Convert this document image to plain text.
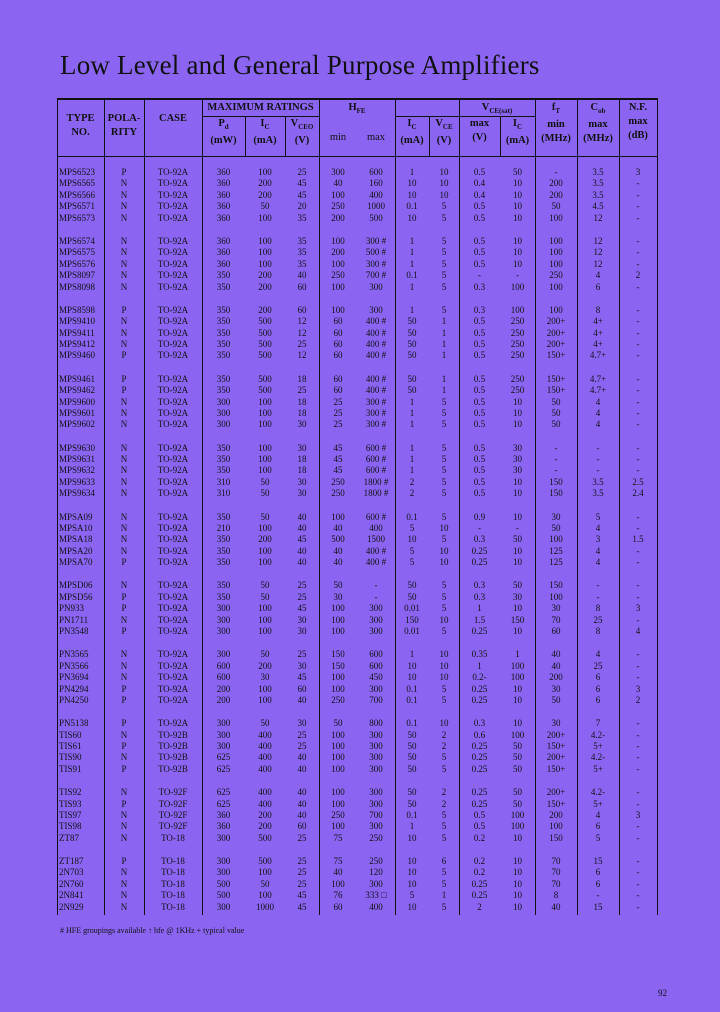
Low Level and General Purpose Amplifiers
TYPE
NO.
POLA-
RITY
CASE
MAXIMUM RATINGS
$P_d$
(mW)
$I_C$
(mA)
$V_{CEO}$
(V)
$H_{FE}$
min	max
$I_C$
(mA)
$V_{CE}$
(V)
$V_{CE(sat)}$
max
(V)
$I_C$
(mA)
$f_T$
min
(MHz)
$C_{ob}$
max
(MHz)
N.F.
max
(dB)
MPS6523	P	TO-92A	360	100	25	300	600	1	10	0.5	50	-	3.5	3
MPS6565	N	TO-92A	360	200	45	40	160	10	10	0.4	10	200	3.5	-
MPS6566	N	TO-92A	360	200	45	100	400	10	10	0.4	10	200	3.5	-
MPS6571	N	TO-92A	360	50	20	250	1000	0.1	5	0.5	10	50	4.5	-
MPS6573	N	TO-92A	360	100	35	200	500	10	5	0.5	10	100	12	-
MPS6574	N	TO-92A	360	100	35	100	300 #	1	5	0.5	10	100	12	-
MPS6575	N	TO-92A	360	100	35	200	500 #	1	5	0.5	10	100	12	-
MPS6576	N	TO-92A	360	100	35	100	300 #	1	5	0.5	10	100	12	-
MPS8097	N	TO-92A	350	200	40	250	700 #	0.1	5	-	-	250	4	2
MPS8098	N	TO-92A	350	200	60	100	300	1	5	0.3	100	100	6	-
MPS8598	P	TO-92A	350	200	60	100	300	1	5	0.3	100	100	8	-
MPS9410	N	TO-92A	350	500	12	60	400 #	50	1	0.5	250	200+	4+	-
MPS9411	N	TO-92A	350	500	12	60	400 #	50	1	0.5	250	200+	4+	-
MPS9412	N	TO-92A	350	500	25	60	400 #	50	1	0.5	250	200+	4+	-
MPS9460	P	TO-92A	350	500	12	60	400 #	50	1	0.5	250	150+	4.7+	-
MPS9461	P	TO-92A	350	500	18	60	400 #	50	1	0.5	250	150+	4.7+	-
MPS9462	P	TO-92A	350	500	25	60	400 #	50	1	0.5	250	150+	4.7+	-
MPS9600	N	TO-92A	300	100	18	25	300 #	1	5	0.5	10	50	4	-
MPS9601	N	TO-92A	300	100	18	25	300 #	1	5	0.5	10	50	4	-
MPS9602	N	TO-92A	300	100	30	25	300 #	1	5	0.5	10	50	4	-
MPS9630	N	TO-92A	350	100	30	45	600 #	1	5	0.5	30	-	-	-
MPS9631	N	TO-92A	350	100	18	45	600 #	1	5	0.5	30	-	-	-
MPS9632	N	TO-92A	350	100	18	45	600 #	1	5	0.5	30	-	-	-
MPS9633	N	TO-92A	310	50	30	250	1800 #	2	5	0.5	10	150	3.5	2.5
MPS9634	N	TO-92A	310	50	30	250	1800 #	2	5	0.5	10	150	3.5	2.4
MPSA09	N	TO-92A	350	50	40	100	600 #	0.1	5	0.9	10	30	5	-
MPSA10	N	TO-92A	210	100	40	40	400	5	10	-	-	50	4	-
MPSA18	N	TO-92A	350	200	45	500	1500	10	5	0.3	50	100	3	1.5
MPSA20	N	TO-92A	350	100	40	40	400 #	5	10	0.25	10	125	4	-
MPSA70	P	TO-92A	350	100	40	40	400 #	5	10	0.25	10	125	4	-
MPSD06	N	TO-92A	350	50	25	50	-	50	5	0.3	50	150	-	-
MPSD56	P	TO-92A	350	50	25	30	-	50	5	0.3	30	100	-	-
PN933	P	TO-92A	300	100	45	100	300	0.01	5	1	10	30	8	3
PN1711	N	TO-92A	300	100	30	100	300	150	10	1.5	150	70	25	-
PN3548	P	TO-92A	300	100	30	100	300	0.01	5	0.25	10	60	8	4
PN3565	N	TO-92A	300	50	25	150	600	1	10	0.35	1	40	4	-
PN3566	N	TO-92A	600	200	30	150	600	10	10	1	100	40	25	-
PN3694	N	TO-92A	600	30	45	100	450	10	10	0.2-	100	200	6	-
PN4294	P	TO-92A	200	100	60	100	300	0.1	5	0.25	10	30	6	3
PN4250	P	TO-92A	200	100	40	250	700	0.1	5	0.25	10	50	6	2
PN5138	P	TO-92A	300	50	30	50	800	0.1	10	0.3	10	30	7	-
TIS60	N	TO-92B	300	400	25	100	300	50	2	0.6	100	200+	4.2-	-
TIS61	P	TO-92B	300	400	25	100	300	50	2	0.25	50	150+	5+	-
TIS90	N	TO-92B	625	400	40	100	300	50	5	0.25	50	200+	4.2-	-
TIS91	P	TO-92B	625	400	40	100	300	50	5	0.25	50	150+	5+	-
TIS92	N	TO-92F	625	400	40	100	300	50	2	0.25	50	200+	4.2-	-
TIS93	P	TO-92F	625	400	40	100	300	50	2	0.25	50	150+	5+	-
TIS97	N	TO-92F	360	200	40	250	700	0.1	5	0.5	100	200	4	3
TIS98	N	TO-92F	360	200	60	100	300	1	5	0.5	100	100	6	-
ZT87	N	TO-18	300	500	25	75	250	10	5	0.2	10	150	5	-
ZT187	P	TO-18	300	500	25	75	250	10	6	0.2	10	70	15	-
2N703	N	TO-18	300	100	25	40	120	10	5	0.2	10	70	6	-
2N760	N	TO-18	500	50	25	100	300	10	5	0.25	10	70	6	-
2N841	N	TO-18	500	100	45	76	333 □	5	1	0.25	10	8	-	-
2N929	N	TO-18	300	1000	45	60	400	10	5	2	10	40	15	-
# HFE groupings available ↑ hfe @ 1KHz + typical value
92
